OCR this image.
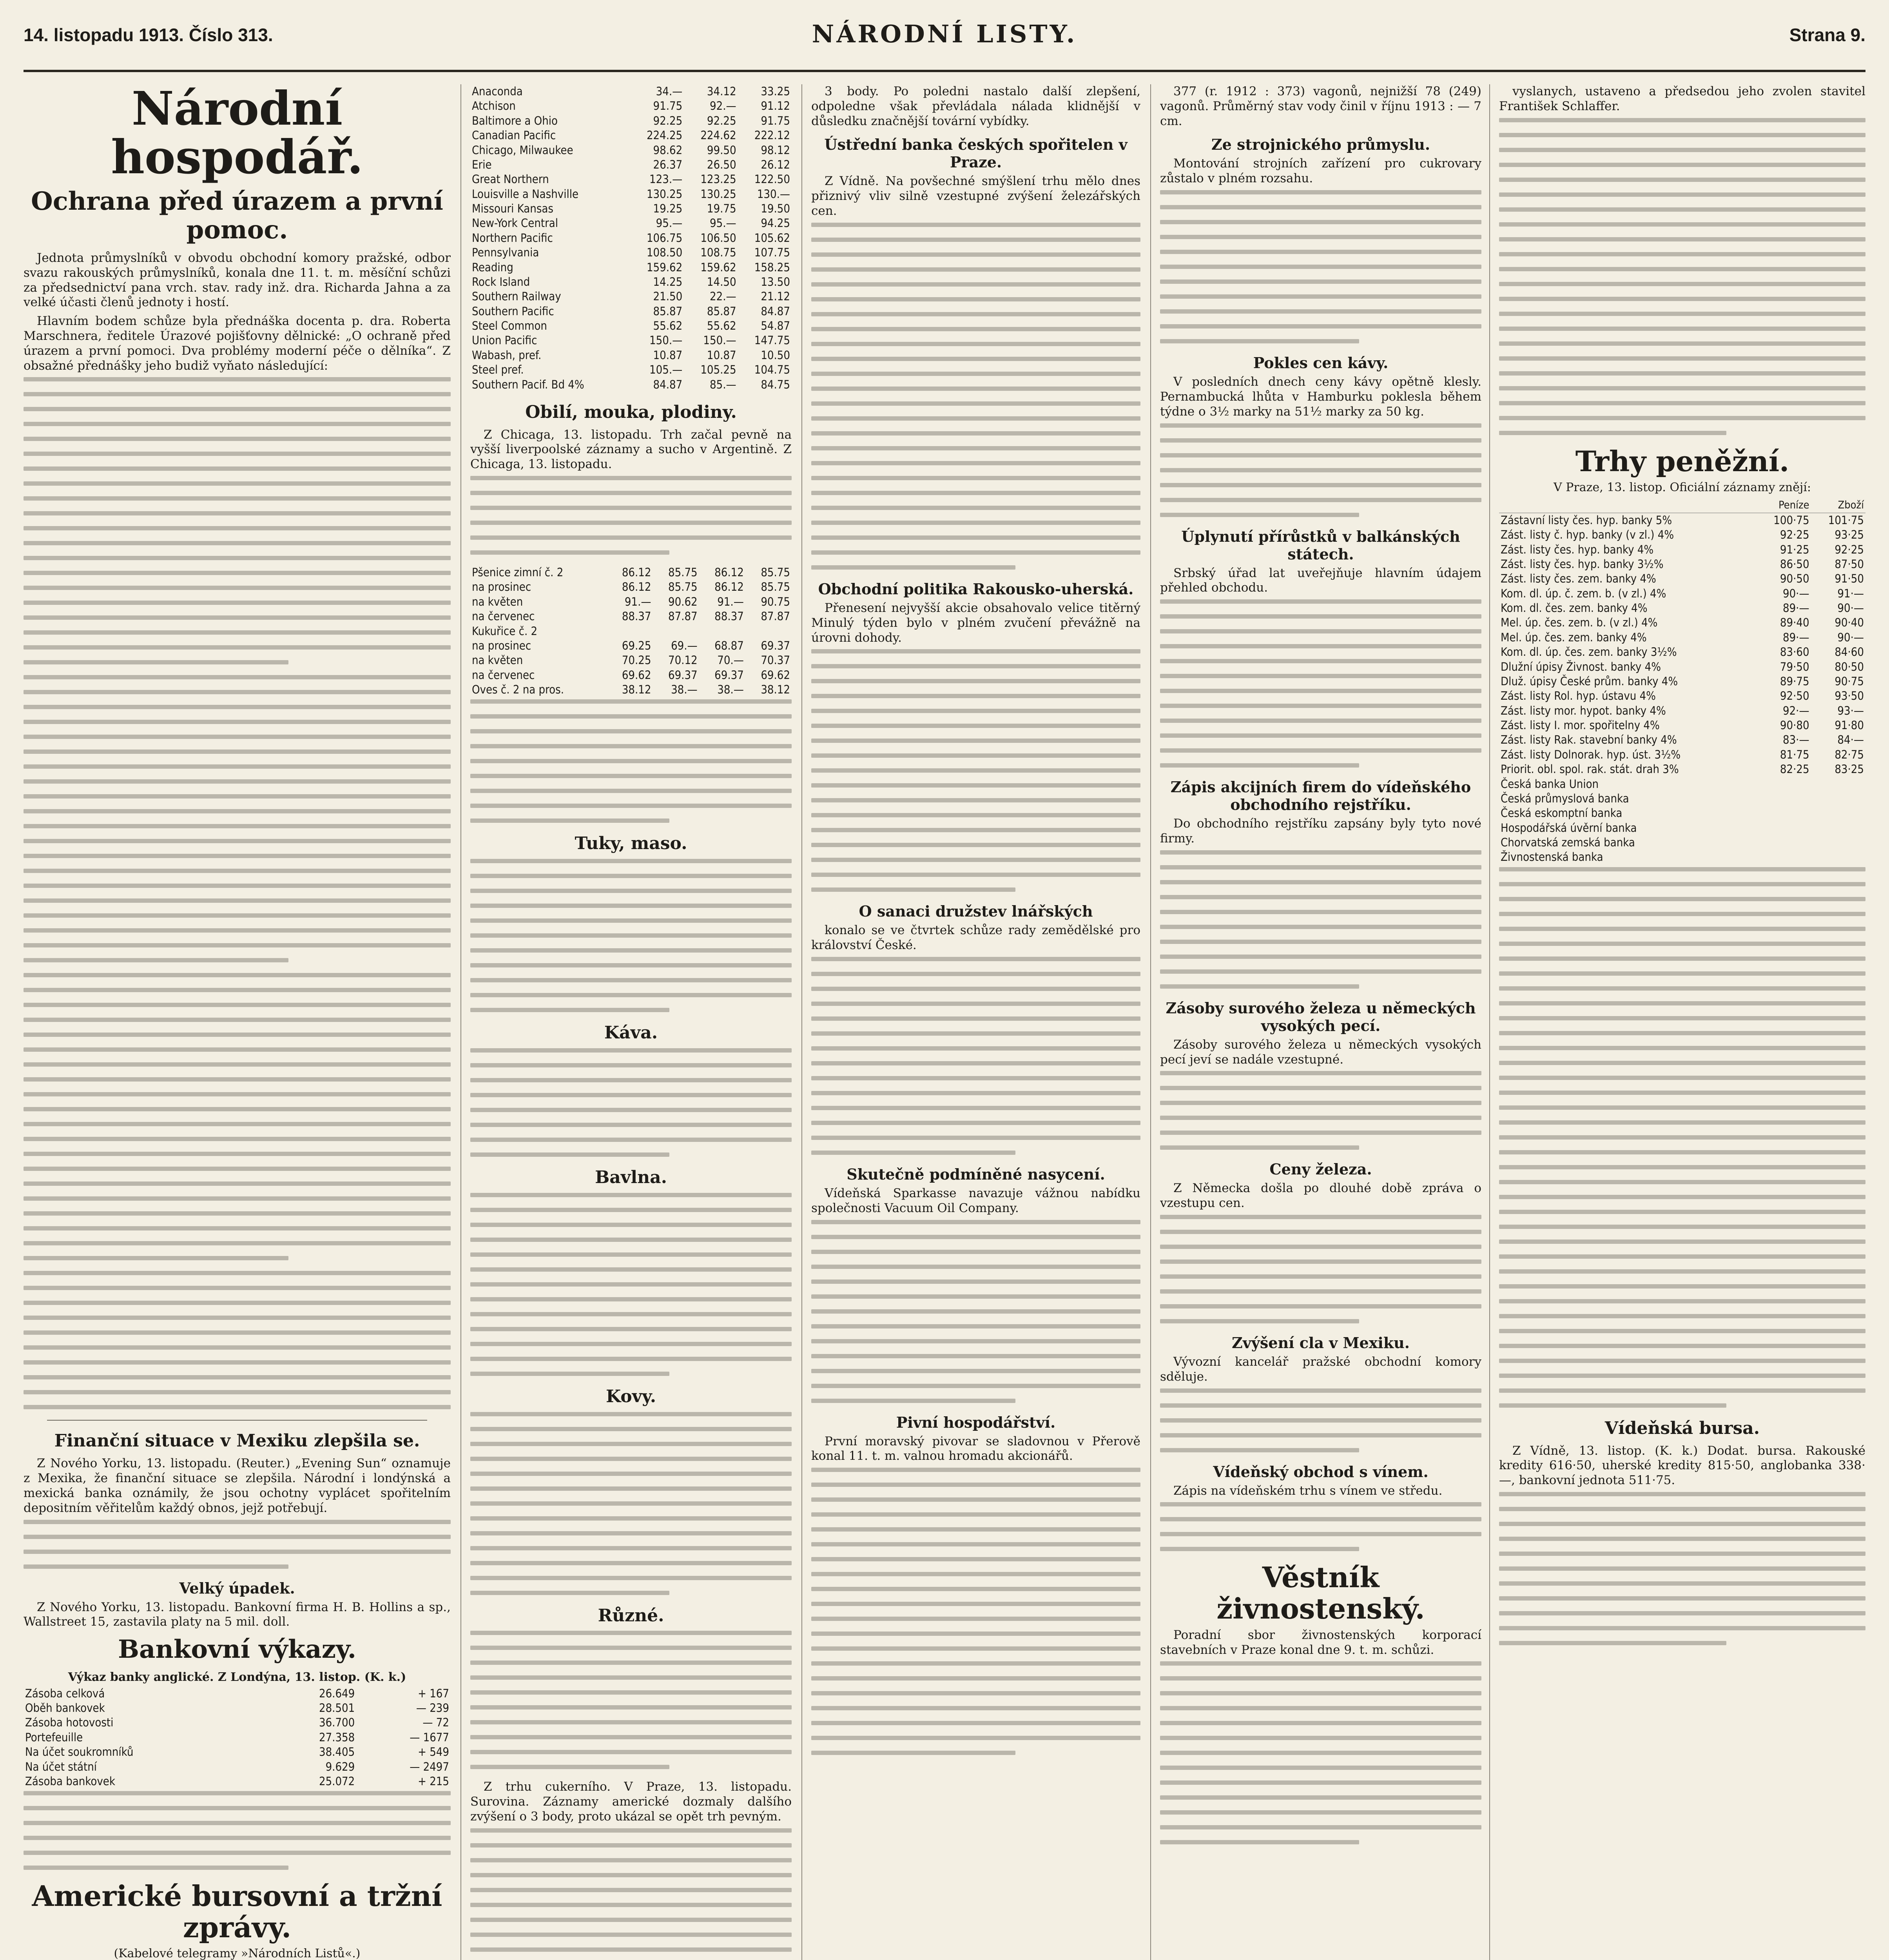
14. listopadu 1913. Číslo 313.	NÁRODNÍ LISTY.	Strana 9.
Národní hospodář.
Ochrana před úrazem a první pomoc.

Jednota průmyslníků v obvodu obchodní komory pražské, odbor svazu rakouských průmyslníků, konala dne 11. t. m. měsíční schůzi za předsednictví pana vrch. stav. rady inž. dra. Richarda Jahna a za velké účasti členů jednoty i hostí.

Hlavním bodem schůze byla přednáška docenta p. dra. Roberta Marschnera, ředitele Úrazové pojišťovny dělnické: „O ochraně před úrazem a první pomoci. Dva problémy moderní péče o dělníka“. Z obsažné přednášky jeho budiž vyňato následující:

Finanční situace v Mexiku zlepšila se.

Z Nového Yorku, 13. listopadu. (Reuter.) „Evening Sun“ oznamuje z Mexika, že finanční situace se zlepšila. Národní i londýnská a mexická banka oznámily, že jsou ochotny vyplácet spořitelním depositním věřitelům každý obnos, jejž potřebují.

Velký úpadek.

Z Nového Yorku, 13. listopadu. Bankovní firma H. B. Hollins a sp., Wallstreet 15, zastavila platy na 5 mil. doll.

Bankovní výkazy.
Výkaz banky anglické. Z Londýna, 13. listop. (K. k.)
Zásoba celková	26.649	+ 167
Oběh bankovek	28.501	— 239
Zásoba hotovosti	36.700	— 72
Portefeuille	27.358	— 1677
Na účet soukromníků	38.405	+ 549
Na účet státní	9.629	— 2497
Zásoba bankovek	25.072	+ 215
Americké bursovní a tržní zprávy.
(Kabelové telegramy »Národních Listů«.)

Anaconda	34.—	34.12	33.25
Atchison	91.75	92.—	91.12
Baltimore a Ohio	92.25	92.25	91.75
Canadian Pacific	224.25	224.62	222.12
Chicago, Milwaukee	98.62	99.50	98.12
Erie	26.37	26.50	26.12
Great Northern	123.—	123.25	122.50
Louisville a Nashville	130.25	130.25	130.—
Missouri Kansas	19.25	19.75	19.50
New-York Central	95.—	95.—	94.25
Northern Pacific	106.75	106.50	105.62
Pennsylvania	108.50	108.75	107.75
Reading	159.62	159.62	158.25
Rock Island	14.25	14.50	13.50
Southern Railway	21.50	22.—	21.12
Southern Pacific	85.87	85.87	84.87
Steel Common	55.62	55.62	54.87
Union Pacific	150.—	150.—	147.75
Wabash, pref.	10.87	10.87	10.50
Steel pref.	105.—	105.25	104.75
Southern Pacif. Bd 4%	84.87	85.—	84.75
Obilí, mouka, plodiny.

Z Chicaga, 13. listopadu. Trh začal pevně na vyšší liverpoolské záznamy a sucho v Argentině. Z Chicaga, 13. listopadu.

Pšenice zimní č. 2	86.12	85.75	86.12	85.75
na prosinec	86.12	85.75	86.12	85.75
na květen	91.—	90.62	91.—	90.75
na červenec	88.37	87.87	88.37	87.87
Kukuřice č. 2				
na prosinec	69.25	69.—	68.87	69.37
na květen	70.25	70.12	70.—	70.37
na červenec	69.62	69.37	69.37	69.62
Oves č. 2 na pros.	38.12	38.—	38.—	38.12
Tuky, maso.
Káva.
Bavlna.
Kovy.
Různé.

Z trhu cukerního. V Praze, 13. listopadu. Surovina. Záznamy americké dozmaly dalšího zvýšení o 3 body, proto ukázal se opět trh pevným.

3 body. Po poledni nastalo další zlepšení, odpoledne však převládala nálada klidnější v důsledku značnější tovární vybídky.

Ústřední banka českých spořitelen v Praze.

Z Vídně. Na povšechné smýšlení trhu mělo dnes přiznivý vliv silně vzestupné zvýšení železářských cen.

Obchodní politika Rakousko-uherská.

Přenesení nejvyšší akcie obsahovalo velice titěrný Minulý týden bylo v plném zvučení převážně na úrovni dohody.

O sanaci družstev lnářských

konalo se ve čtvrtek schůze rady zemědělské pro království České.

Skutečně podmíněné nasycení.

Vídeňská Sparkasse navazuje vážnou nabídku společnosti Vacuum Oil Company.

Pivní hospodářství.

První moravský pivovar se sladovnou v Přerově konal 11. t. m. valnou hromadu akcionářů.

377 (r. 1912 : 373) vagonů, nejnižší 78 (249) vagonů. Průměrný stav vody činil v říjnu 1913 : — 7 cm.

Ze strojnického průmyslu.

Montování strojních zařízení pro cukrovary zůstalo v plném rozsahu.

Pokles cen kávy.

V posledních dnech ceny kávy opětně klesly. Pernambucká lhůta v Hamburku poklesla během týdne o 3½ marky na 51½ marky za 50 kg.

Úplynutí přírůstků v balkánských státech.

Srbský úřad lat uveřejňuje hlavním údajem přehled obchodu.

Zápis akcijních firem do vídeňského obchodního rejstříku.

Do obchodního rejstříku zapsány byly tyto nové firmy.

Zásoby surového železa u německých vysokých pecí.

Zásoby surového železa u německých vysokých pecí jeví se nadále vzestupné.

Ceny železa.

Z Německa došla po dlouhé době zpráva o vzestupu cen.

Zvýšení cla v Mexiku.

Vývozní kancelář pražské obchodní komory sděluje.

Vídeňský obchod s vínem.

Zápis na vídeňském trhu s vínem ve středu.

Věstník živnostenský.

Poradní sbor živnostenských korporací stavebních v Praze konal dne 9. t. m. schůzi.

vyslanych, ustaveno a předsedou jeho zvolen stavitel František Schlaffer.

Trhy peněžní.
V Praze, 13. listop. Oficiální záznamy znějí:
	Peníze	Zboží
Zástavní listy čes. hyp. banky 5%	100·75	101·75
Zást. listy č. hyp. banky (v zl.) 4%	92·25	93·25
Zást. listy čes. hyp. banky 4%	91·25	92·25
Zást. listy čes. hyp. banky 3½%	86·50	87·50
Zást. listy čes. zem. banky 4%	90·50	91·50
Kom. dl. úp. č. zem. b. (v zl.) 4%	90·—	91·—
Kom. dl. čes. zem. banky 4%	89·—	90·—
Mel. úp. čes. zem. b. (v zl.) 4%	89·40	90·40
Mel. úp. čes. zem. banky 4%	89·—	90·—
Kom. dl. úp. čes. zem. banky 3½%	83·60	84·60
Dlužní úpisy Živnost. banky 4%	79·50	80·50
Dluž. úpisy České prům. banky 4%	89·75	90·75
Zást. listy Rol. hyp. ústavu 4%	92·50	93·50
Zást. listy mor. hypot. banky 4%	92·—	93·—
Zást. listy I. mor. spořitelny 4%	90·80	91·80
Zást. listy Rak. stavební banky 4%	83·—	84·—
Zást. listy Dolnorak. hyp. úst. 3½%	81·75	82·75
Priorit. obl. spol. rak. stát. drah 3%	82·25	83·25
Česká banka Union		
Česká průmyslová banka		
Česká eskomptní banka		
Hospodářská úvěrní banka		
Chorvatská zemská banka		
Živnostenská banka		
Vídeňská bursa.

Z Vídně, 13. listop. (K. k.) Dodat. bursa. Rakouské kredity 616·50, uherské kredity 815·50, anglobanka 338·—, bankovní jednota 511·75.
